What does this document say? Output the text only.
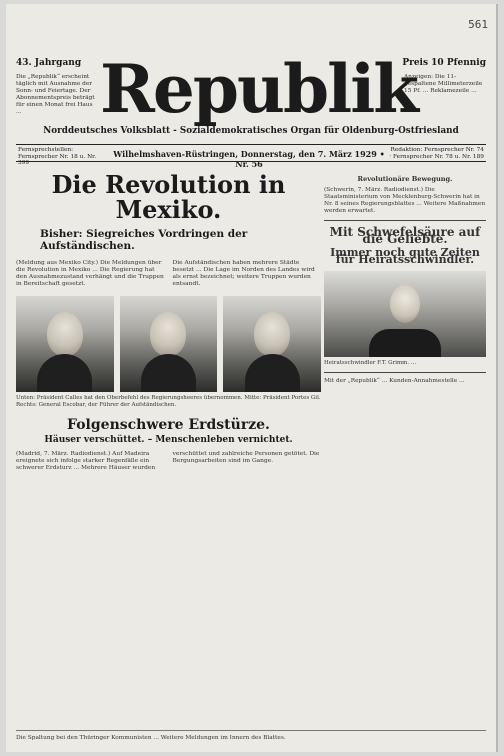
561
43. Jahrgang	Preis 10 Pfennig
Die „Republik“ erscheint täglich mit Ausnahme der Sonn- und Feiertage. Der Abonnementspreis beträgt für einen Monat frei Haus ...
Anzeigen: Die 11-gespaltene Millimeterzeile 15 Pf. ... Reklamezeile ...
Republik
Norddeutsches Volksblatt - Sozialdemokratisches Organ für Oldenburg-Ostfriesland
Fernsprechstellen: Fernsprecher Nr. 18 u. Nr. 399
Wilhelmshaven-Rüstringen, Donnerstag, den 7. März 1929 • Nr. 56
Redaktion: Fernsprecher Nr. 74 · Fernsprecher Nr. 78 u. Nr. 189
Die Revolution in Mexiko.
Bisher: Siegreiches Vordringen der Aufständischen.
(Meldung aus Mexiko City.) Die Meldungen über die Revolution in Mexiko ... Die Regierung hat den Ausnahmezustand verhängt und die Truppen in Bereitschaft gesetzt.
Die Aufständischen haben mehrere Städte besetzt ... Die Lage im Norden des Landes wird als ernst bezeichnet; weitere Truppen wurden entsandt.
Unten: Präsident Calles hat den Oberbefehl des Regierungsheeres übernommen. Mitte: Präsident Portes Gil. Rechts: General Escobar, der Führer der Aufständischen.
Folgenschwere Erdstürze.
Häuser verschüttet. – Menschenleben vernichtet.
(Madrid, 7. März. Radiodienst.) Auf Madeira ereignete sich infolge starker Regenfälle ein schwerer Erdsturz ... Mehrere Häuser wurden verschüttet und zahlreiche Personen getötet. Die Bergungsarbeiten sind im Gange.
Revolutionäre Bewegung.
(Schwerin, 7. März. Radiodienst.) Die Staatsministerium von Mecklenburg-Schwerin hat in Nr. 8 seines Regierungsblattes ... Weitere Maßnahmen werden erwartet.
Mit Schwefelsäure auf die Geliebte.
Immer noch gute Zeiten für Heiratsschwindler.
Heiratsschwindler F.T. Grimm. ...
Mit der „Republik“ ... Kunden-Annahmestelle ...
Die Spaltung bei den Thüringer Kommunisten ... Weitere Meldungen im Innern des Blattes.
